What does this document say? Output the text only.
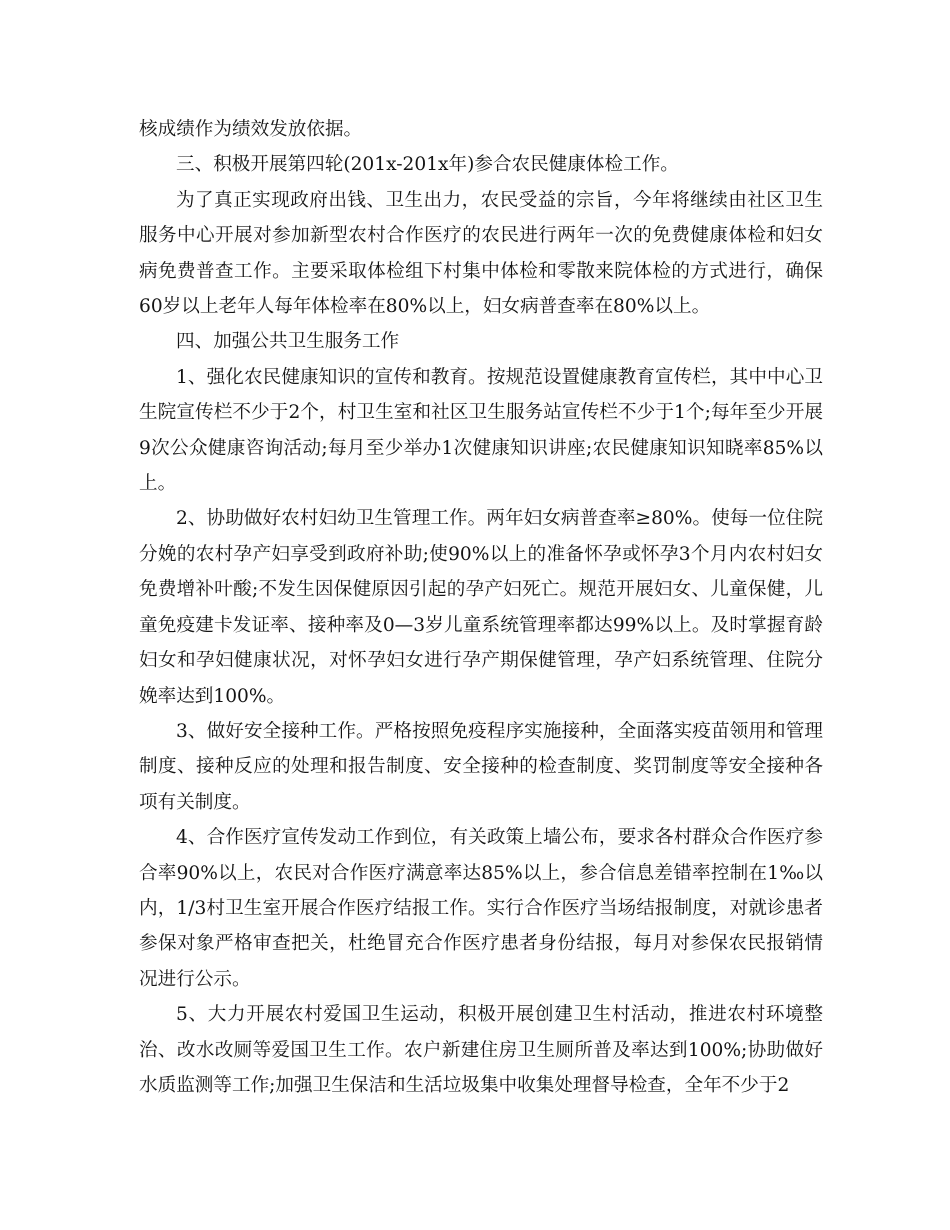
核成绩作为绩效发放依据。

三、积极开展第四轮(201x-201x年)参合农民健康体检工作。

为了真正实现政府出钱、卫生出力，农民受益的宗旨，今年将继续由社区卫生服务中心开展对参加新型农村合作医疗的农民进行两年一次的免费健康体检和妇女病免费普查工作。主要采取体检组下村集中体检和零散来院体检的方式进行，确保60岁以上老年人每年体检率在80%以上，妇女病普查率在80%以上。

四、加强公共卫生服务工作

1、强化农民健康知识的宣传和教育。按规范设置健康教育宣传栏，其中中心卫生院宣传栏不少于2个，村卫生室和社区卫生服务站宣传栏不少于1个;每年至少开展9次公众健康咨询活动;每月至少举办1次健康知识讲座;农民健康知识知晓率85%以上。

2、协助做好农村妇幼卫生管理工作。两年妇女病普查率≥80%。使每一位住院分娩的农村孕产妇享受到政府补助;使90%以上的准备怀孕或怀孕3个月内农村妇女免费增补叶酸;不发生因保健原因引起的孕产妇死亡。规范开展妇女、儿童保健，儿童免疫建卡发证率、接种率及0—3岁儿童系统管理率都达99%以上。及时掌握育龄妇女和孕妇健康状况，对怀孕妇女进行孕产期保健管理，孕产妇系统管理、住院分娩率达到100%。

3、做好安全接种工作。严格按照免疫程序实施接种，全面落实疫苗领用和管理制度、接种反应的处理和报告制度、安全接种的检查制度、奖罚制度等安全接种各项有关制度。

4、合作医疗宣传发动工作到位，有关政策上墙公布，要求各村群众合作医疗参合率90%以上，农民对合作医疗满意率达85%以上，参合信息差错率控制在1‰以内，1/3村卫生室开展合作医疗结报工作。实行合作医疗当场结报制度，对就诊患者参保对象严格审查把关，杜绝冒充合作医疗患者身份结报，每月对参保农民报销情况进行公示。

5、大力开展农村爱国卫生运动，积极开展创建卫生村活动，推进农村环境整治、改水改厕等爱国卫生工作。农户新建住房卫生厕所普及率达到100%;协助做好水质监测等工作;加强卫生保洁和生活垃圾集中收集处理督导检查，全年不少于2
